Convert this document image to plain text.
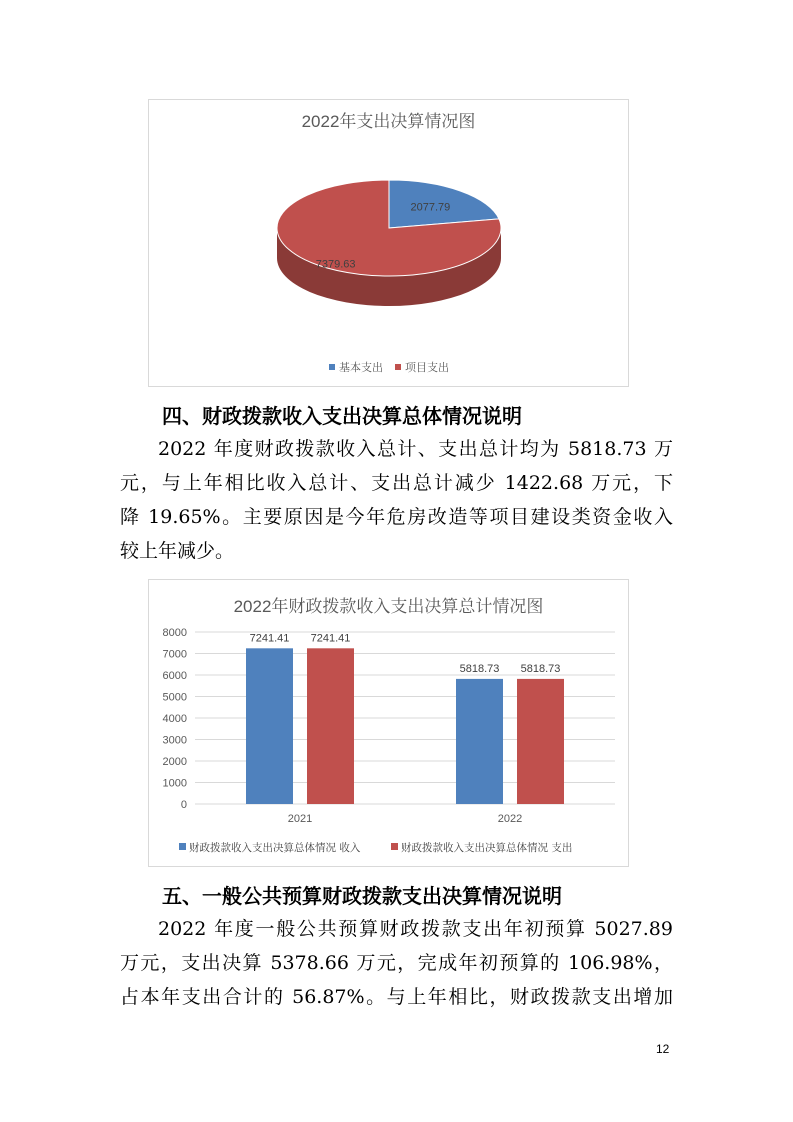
2022年支出决算情况图
2077.79
7379.63
基本支出 项目支出
四、财政拨款收入支出决算总体情况说明

2022 年度财政拨款收入总计、支出总计均为 5818.73 万
元，与上年相比收入总计、支出总计减少 1422.68 万元，下
降 19.65%。主要原因是今年危房改造等项目建设类资金收入
较上年减少。

2022年财政拨款收入支出决算总计情况图
0
1000
2000
3000
4000
5000
6000
7000
8000
2021
7241.41 7241.41
2022
5818.73 5818.73
财政拨款收入支出决算总体情况 收入	财政拨款收入支出决算总体情况 支出
五、一般公共预算财政拨款支出决算情况说明

2022 年度一般公共预算财政拨款支出年初预算 5027.89
万元，支出决算 5378.66 万元，完成年初预算的 106.98%，
占本年支出合计的 56.87%。与上年相比，财政拨款支出增加

12
